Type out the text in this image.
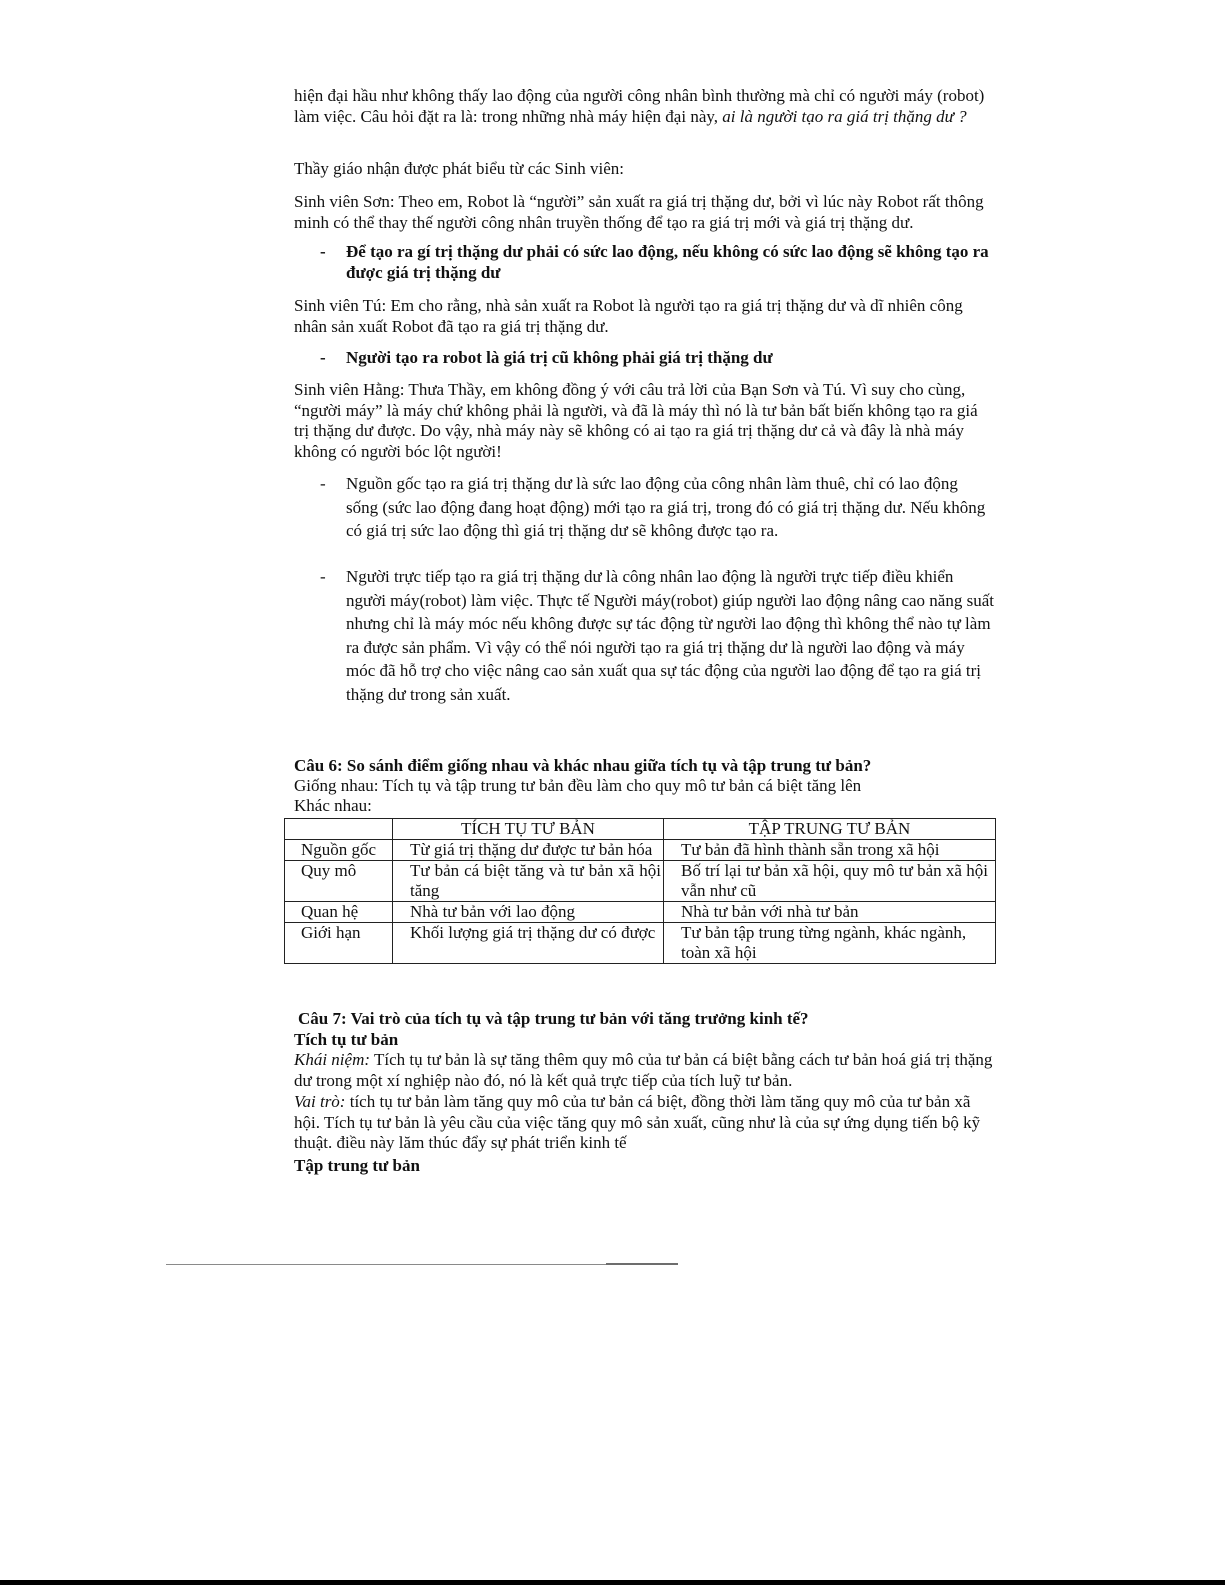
hiện đại hầu như không thấy lao động của người công nhân bình thường mà chỉ có người máy (robot) làm việc. Câu hỏi đặt ra là: trong những nhà máy hiện đại này, ai là người tạo ra giá trị thặng dư ?

Thầy giáo nhận được phát biểu từ các Sinh viên:

Sinh viên Sơn: Theo em, Robot là “người” sản xuất ra giá trị thặng dư, bởi vì lúc này Robot rất thông minh có thể thay thế người công nhân truyền thống để tạo ra giá trị mới và giá trị thặng dư.

- Để tạo ra gí trị thặng dư phải có sức lao động, nếu không có sức lao động sẽ không tạo ra được giá trị thặng dư

Sinh viên Tú: Em cho rằng, nhà sản xuất ra Robot là người tạo ra giá trị thặng dư và dĩ nhiên công nhân sản xuất Robot đã tạo ra giá trị thặng dư.

- Người tạo ra robot là giá trị cũ không phải giá trị thặng dư

Sinh viên Hằng: Thưa Thầy, em không đồng ý với câu trả lời của Bạn Sơn và Tú. Vì suy cho cùng, “người máy” là máy chứ không phải là người, và đã là máy thì nó là tư bản bất biến không tạo ra giá trị thặng dư được. Do vậy, nhà máy này sẽ không có ai tạo ra giá trị thặng dư cả và đây là nhà máy không có người bóc lột người!

- Nguồn gốc tạo ra giá trị thặng dư là sức lao động của công nhân làm thuê, chỉ có lao động sống (sức lao động đang hoạt động) mới tạo ra giá trị, trong đó có giá trị thặng dư. Nếu không có giá trị sức lao động thì giá trị thặng dư sẽ không được tạo ra.
- Người trực tiếp tạo ra giá trị thặng dư là công nhân lao động là người trực tiếp điều khiển người máy(robot) làm việc. Thực tế Người máy(robot) giúp người lao động nâng cao năng suất nhưng chỉ là máy móc nếu không được sự tác động từ người lao động thì không thể nào tự làm ra được sản phẩm. Vì vậy có thể nói người tạo ra giá trị thặng dư là người lao động và máy móc đã hỗ trợ cho việc nâng cao sản xuất qua sự tác động của người lao động để tạo ra giá trị thặng dư trong sản xuất.

Câu 6: So sánh điểm giống nhau và khác nhau giữa tích tụ và tập trung tư bản?

Giống nhau: Tích tụ và tập trung tư bản đều làm cho quy mô tư bản cá biệt tăng lên

Khác nhau:

	TÍCH TỤ TƯ BẢN	TẬP TRUNG TƯ BẢN
Nguồn gốc	Từ giá trị thặng dư được tư bản hóa	Tư bản đã hình thành sẵn trong xã hội
Quy mô	Tư bản cá biệt tăng và tư bản xã hội tăng	Bố trí lại tư bản xã hội, quy mô tư bản xã hội vẫn như cũ
Quan hệ	Nhà tư bản với lao động	Nhà tư bản với nhà tư bản
Giới hạn	Khối lượng giá trị thặng dư có được	Tư bản tập trung từng ngành, khác ngành, toàn xã hội

Câu 7: Vai trò của tích tụ và tập trung tư bản với tăng trưởng kinh tế?

Tích tụ tư bản

Khái niệm: Tích tụ tư bản là sự tăng thêm quy mô của tư bản cá biệt bằng cách tư bản hoá giá trị thặng dư trong một xí nghiệp nào đó, nó là kết quả trực tiếp của tích luỹ tư bản.

Vai trò: tích tụ tư bản làm tăng quy mô của tư bản cá biệt, đồng thời làm tăng quy mô của tư bản xã hội. Tích tụ tư bản là yêu cầu của việc tăng quy mô sản xuất, cũng như là của sự ứng dụng tiến bộ kỹ thuật. điều này lăm thúc đẩy sự phát triển kinh tế

Tập trung tư bản
